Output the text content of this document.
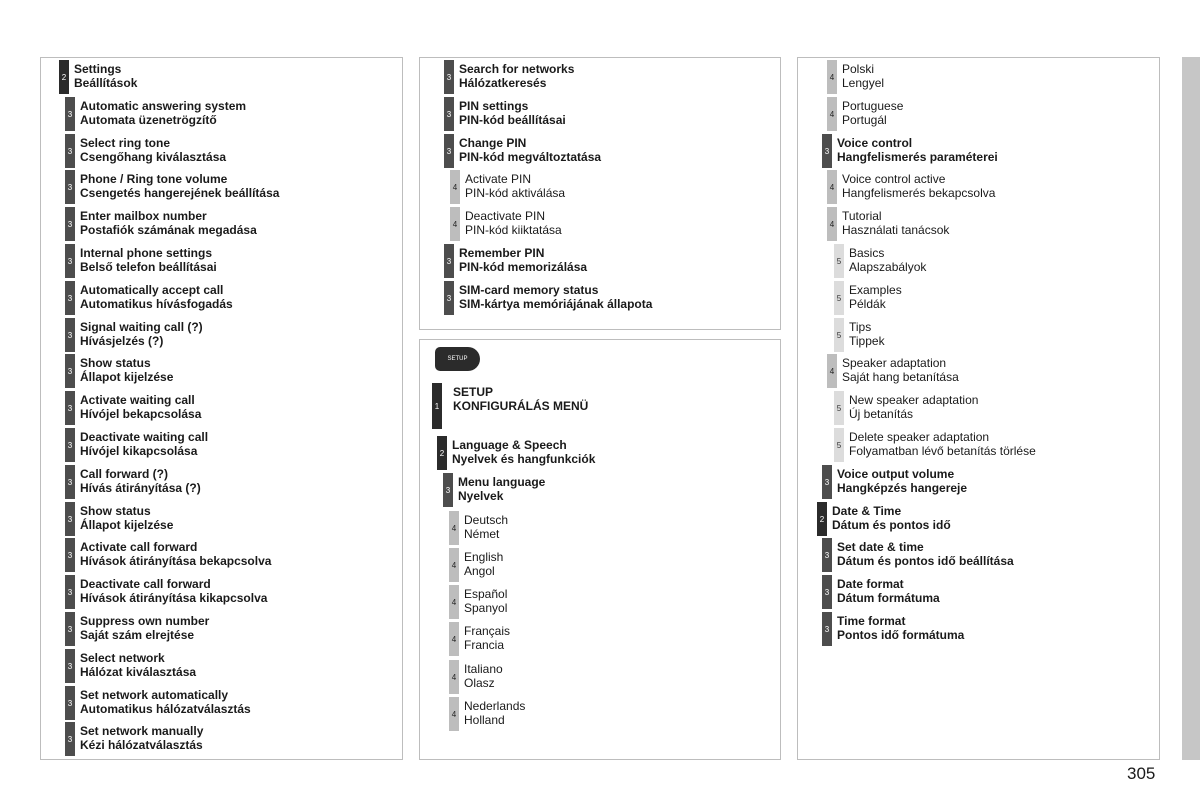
SETUP
305
2
Settings
Beállítások
3
Automatic answering system
Automata üzenetrögzítő
3
Select ring tone
Csengőhang kiválasztása
3
Phone / Ring tone volume
Csengetés hangerejének beállítása
3
Enter mailbox number
Postafiók számának megadása
3
Internal phone settings
Belső telefon beállításai
3
Automatically accept call
Automatikus hívásfogadás
3
Signal waiting call (?)
Hívásjelzés (?)
3
Show status
Állapot kijelzése
3
Activate waiting call
Hívójel bekapcsolása
3
Deactivate waiting call
Hívójel kikapcsolása
3
Call forward (?)
Hívás átirányítása (?)
3
Show status
Állapot kijelzése
3
Activate call forward
Hívások átirányítása bekapcsolva
3
Deactivate call forward
Hívások átirányítása kikapcsolva
3
Suppress own number
Saját szám elrejtése
3
Select network
Hálózat kiválasztása
3
Set network automatically
Automatikus hálózatválasztás
3
Set network manually
Kézi hálózatválasztás
3
Search for networks
Hálózatkeresés
3
PIN settings
PIN-kód beállításai
3
Change PIN
PIN-kód megváltoztatása
4
Activate PIN
PIN-kód aktiválása
4
Deactivate PIN
PIN-kód kiiktatása
3
Remember PIN
PIN-kód memorizálása
3
SIM-card memory status
SIM-kártya memóriájának állapota
1
SETUP
KONFIGURÁLÁS MENÜ
2
Language & Speech
Nyelvek és hangfunkciók
3
Menu language
Nyelvek
4
Deutsch
Német
4
English
Angol
4
Español
Spanyol
4
Français
Francia
4
Italiano
Olasz
4
Nederlands
Holland
4
Polski
Lengyel
4
Portuguese
Portugál
3
Voice control
Hangfelismerés paraméterei
4
Voice control active
Hangfelismerés bekapcsolva
4
Tutorial
Használati tanácsok
5
Basics
Alapszabályok
5
Examples
Példák
5
Tips
Tippek
4
Speaker adaptation
Saját hang betanítása
5
New speaker adaptation
Új betanítás
5
Delete speaker adaptation
Folyamatban lévő betanítás törlése
3
Voice output volume
Hangképzés hangereje
2
Date & Time
Dátum és pontos idő
3
Set date & time
Dátum és pontos idő beállítása
3
Date format
Dátum formátuma
3
Time format
Pontos idő formátuma
